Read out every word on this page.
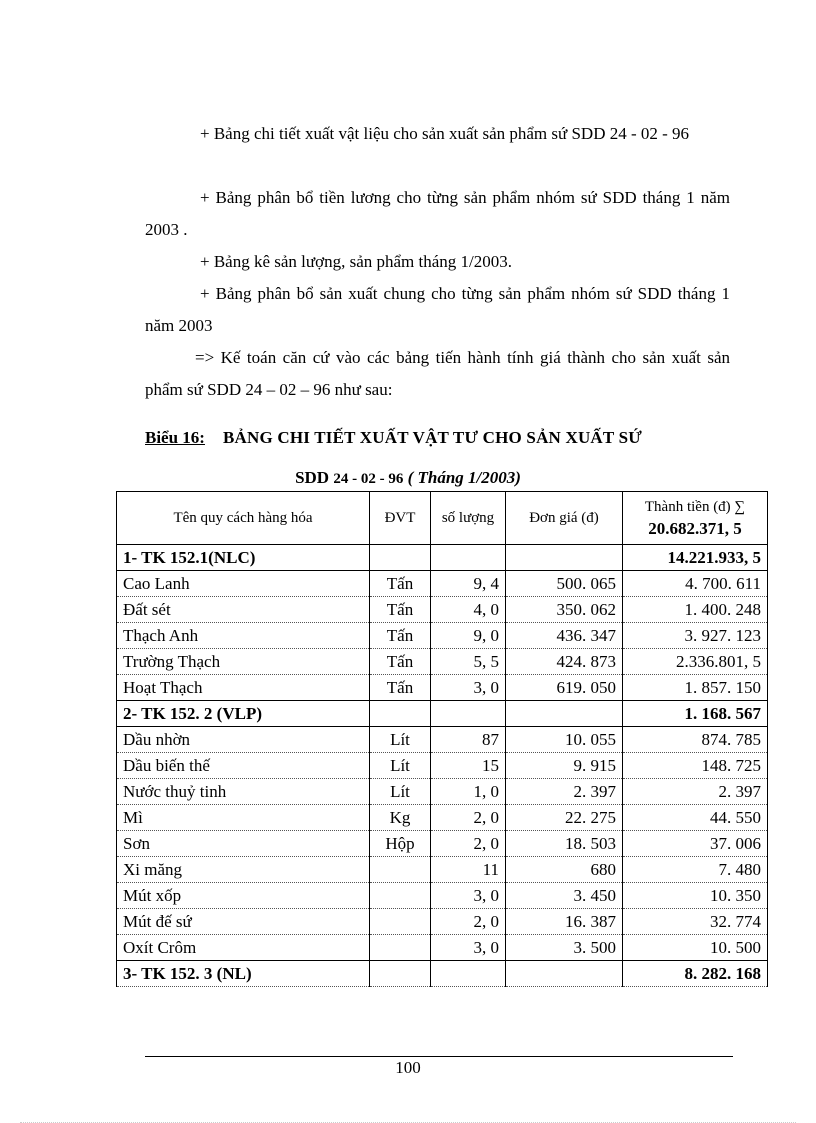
+ Bảng chi tiết xuất vật liệu cho sản xuất sản phẩm sứ SDD 24 - 02 - 96

+ Bảng phân bổ tiền lương cho từng sản phẩm nhóm sứ SDD tháng 1 năm 2003 .

+ Bảng kê sản lượng, sản phẩm tháng 1/2003.

+ Bảng phân bổ sản xuất chung cho từng sản phẩm nhóm sứ SDD tháng 1 năm 2003

=> Kế toán căn cứ vào các bảng tiến hành tính giá thành cho sản xuất sản phẩm sứ SDD 24 – 02 – 96 như sau:

Biểu 16: BẢNG CHI TIẾT XUẤT VẬT TƯ CHO SẢN XUẤT SỨ
SDD 24 - 02 - 96 ( Tháng 1/2003)
Tên quy cách hàng hóa	ĐVT	số lượng	Đơn giá (đ)	Thành tiền (đ) ∑
20.682.371, 5

1- TK 152.1(NLC)				14.221.933, 5
Cao Lanh	Tấn	9, 4	500. 065	4. 700. 611
Đất sét	Tấn	4, 0	350. 062	1. 400. 248
Thạch Anh	Tấn	9, 0	436. 347	3. 927. 123
Trường Thạch	Tấn	5, 5	424. 873	2.336.801, 5
Hoạt Thạch	Tấn	3, 0	619. 050	1. 857. 150
2- TK 152. 2 (VLP)				1. 168. 567
Dầu nhờn	Lít	87	10. 055	874. 785
Dầu biến thế	Lít	15	9. 915	148. 725
Nước thuỷ tinh	Lít	1, 0	2. 397	2. 397
Mì	Kg	2, 0	22. 275	44. 550
Sơn	Hộp	2, 0	18. 503	37. 006
Xi măng		11	680	7. 480
Mút xốp		3, 0	3. 450	10. 350
Mút đế sứ		2, 0	16. 387	32. 774
Oxít Crôm		3, 0	3. 500	10. 500
3- TK 152. 3 (NL)				8. 282. 168
100
